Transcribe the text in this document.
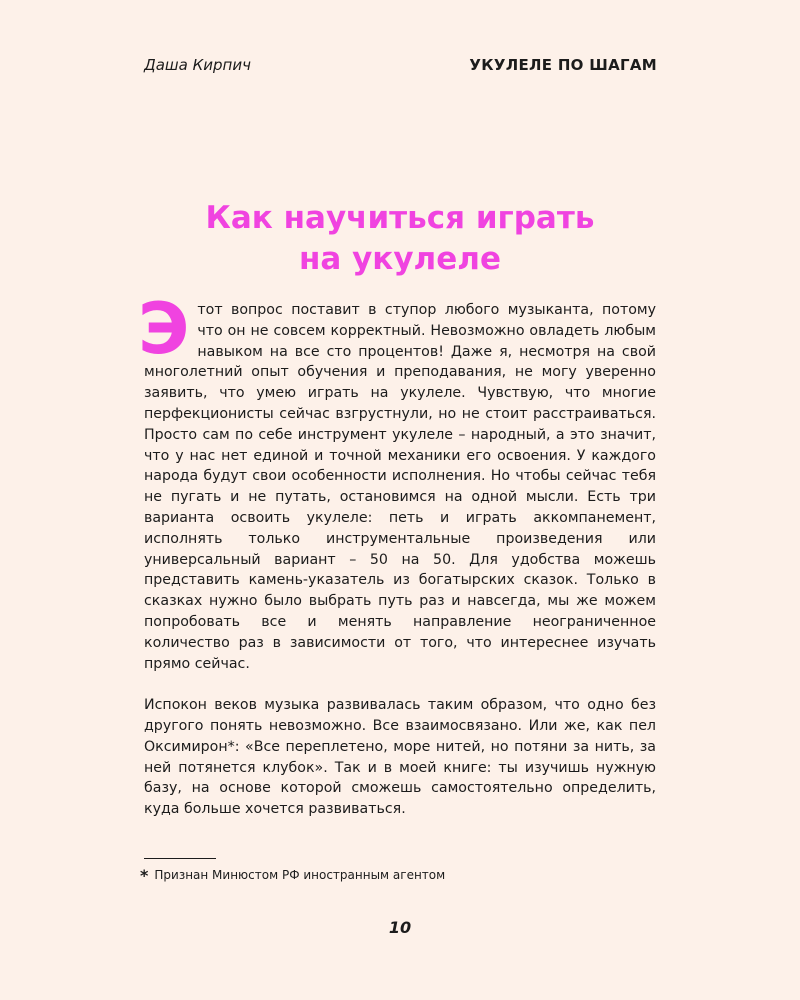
Даша Кирпич	УКУЛЕЛЕ ПО ШАГАМ
Как научиться играть
на укулеле

Этот вопрос поставит в ступор любого музыканта, потому что он не совсем корректный. Невозможно овладеть любым навыком на все сто процентов! Даже я, несмотря на свой многолетний опыт обучения и преподавания, не могу уверенно заявить, что умею играть на укулеле. Чувствую, что многие перфекционисты сейчас взгрустнули, но не стоит расстраиваться. Просто сам по себе инструмент укулеле – народный, а это значит, что у нас нет единой и точной механики его освоения. У каждого народа будут свои особенности исполнения. Но чтобы сейчас тебя не пугать и не путать, остановимся на одной мысли. Есть три варианта освоить укулеле: петь и играть аккомпанемент, исполнять только инструментальные произведения или универсальный вариант – 50 на 50. Для удобства можешь представить камень-указатель из богатырских сказок. Только в сказках нужно было выбрать путь раз и навсегда, мы же можем попробовать все и менять направление неограниченное количество раз в зависимости от того, что интереснее изучать прямо сейчас.

Испокон веков музыка развивалась таким образом, что одно без другого понять невозможно. Все взаимосвязано. Или же, как пел Оксимирон*: «Все переплетено, море нитей, но потяни за нить, за ней потянется клубок». Так и в моей книге: ты изучишь нужную базу, на основе которой сможешь самостоятельно определить, куда больше хочется развиваться.

* Признан Минюстом РФ иностранным агентом
10
